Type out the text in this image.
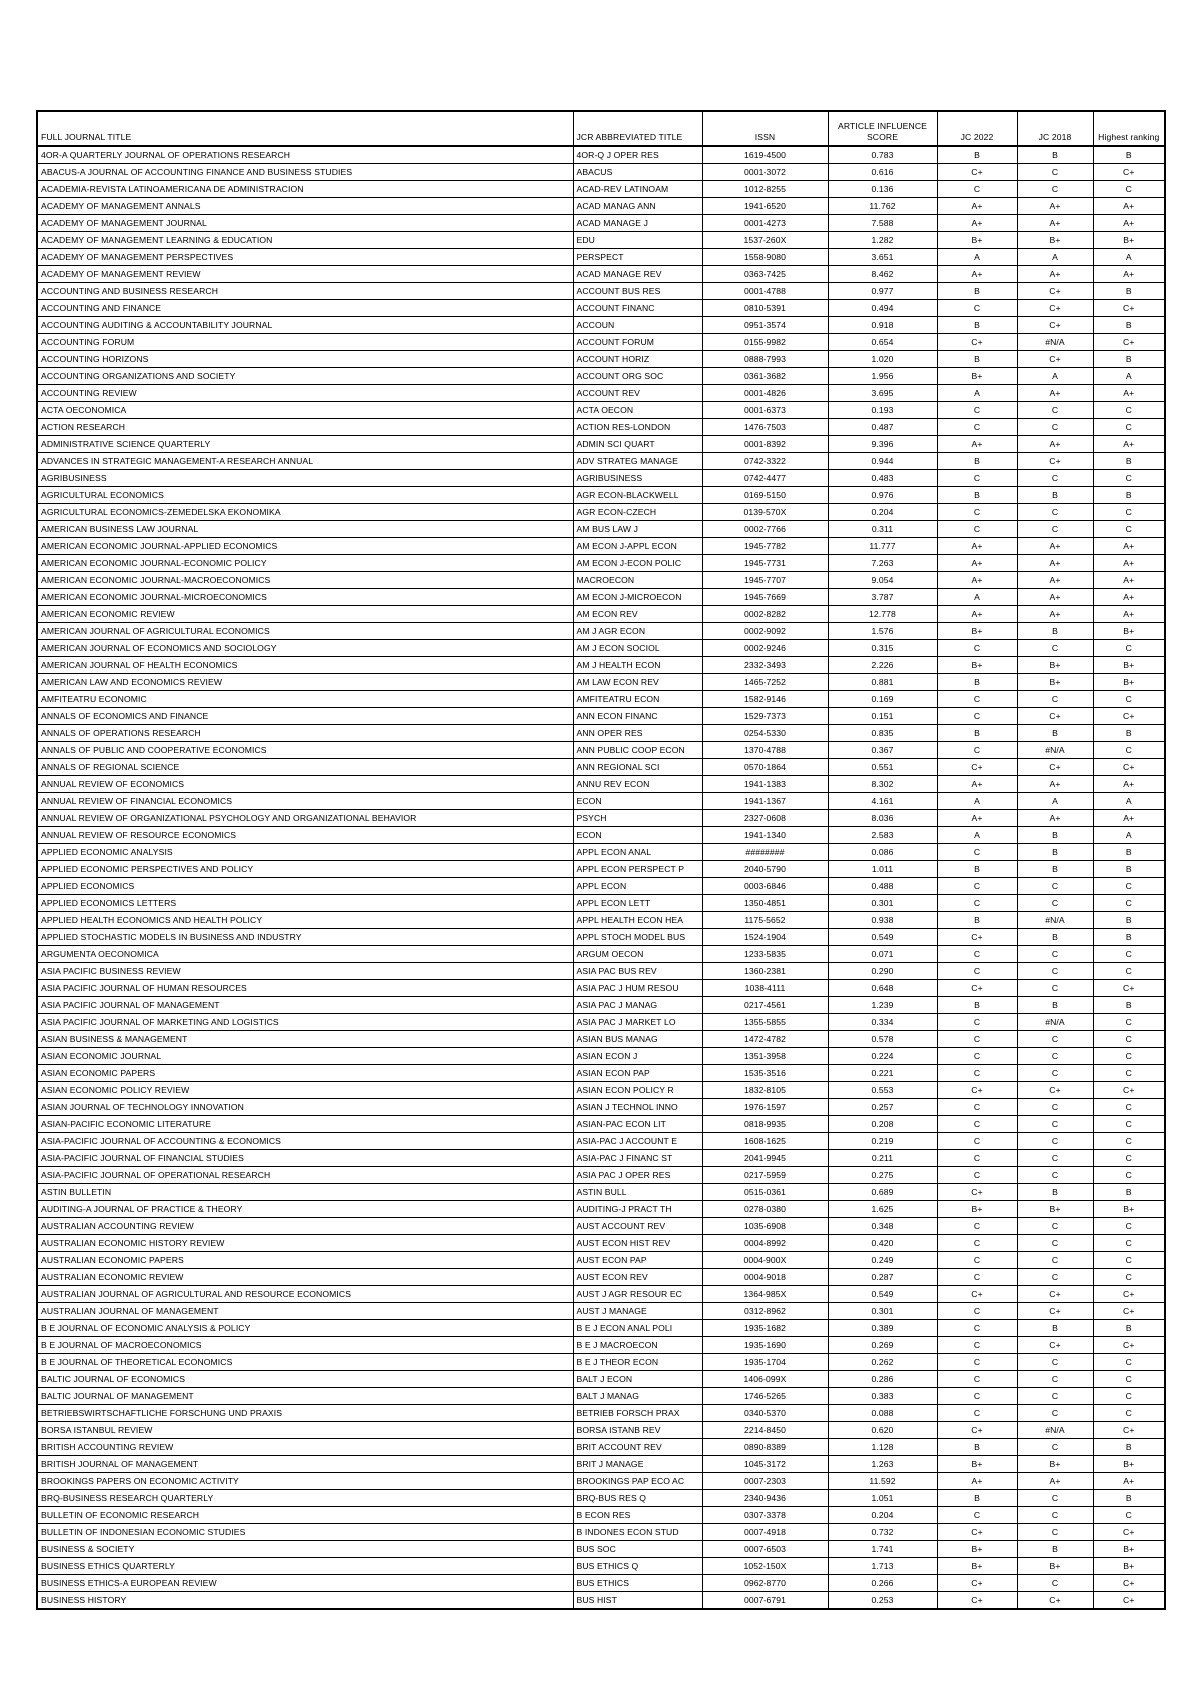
FULL JOURNAL TITLE	JCR ABBREVIATED TITLE	ISSN	ARTICLE INFLUENCE SCORE	JC 2022	JC 2018	Highest ranking
4OR-A QUARTERLY JOURNAL OF OPERATIONS RESEARCH	4OR-Q J OPER RES	1619-4500	0.783	B	B	B
ABACUS-A JOURNAL OF ACCOUNTING FINANCE AND BUSINESS STUDIES	ABACUS	0001-3072	0.616	C+	C	C+
ACADEMIA-REVISTA LATINOAMERICANA DE ADMINISTRACION	ACAD-REV LATINOAM	1012-8255	0.136	C	C	C
ACADEMY OF MANAGEMENT ANNALS	ACAD MANAG ANN	1941-6520	11.762	A+	A+	A+
ACADEMY OF MANAGEMENT JOURNAL	ACAD MANAGE J	0001-4273	7.588	A+	A+	A+
ACADEMY OF MANAGEMENT LEARNING & EDUCATION	EDU	1537-260X	1.282	B+	B+	B+
ACADEMY OF MANAGEMENT PERSPECTIVES	PERSPECT	1558-9080	3.651	A	A	A
ACADEMY OF MANAGEMENT REVIEW	ACAD MANAGE REV	0363-7425	8.462	A+	A+	A+
ACCOUNTING AND BUSINESS RESEARCH	ACCOUNT BUS RES	0001-4788	0.977	B	C+	B
ACCOUNTING AND FINANCE	ACCOUNT FINANC	0810-5391	0.494	C	C+	C+
ACCOUNTING AUDITING & ACCOUNTABILITY JOURNAL	ACCOUN	0951-3574	0.918	B	C+	B
ACCOUNTING FORUM	ACCOUNT FORUM	0155-9982	0.654	C+	#N/A	C+
ACCOUNTING HORIZONS	ACCOUNT HORIZ	0888-7993	1.020	B	C+	B
ACCOUNTING ORGANIZATIONS AND SOCIETY	ACCOUNT ORG SOC	0361-3682	1.956	B+	A	A
ACCOUNTING REVIEW	ACCOUNT REV	0001-4826	3.695	A	A+	A+
ACTA OECONOMICA	ACTA OECON	0001-6373	0.193	C	C	C
ACTION RESEARCH	ACTION RES-LONDON	1476-7503	0.487	C	C	C
ADMINISTRATIVE SCIENCE QUARTERLY	ADMIN SCI QUART	0001-8392	9.396	A+	A+	A+
ADVANCES IN STRATEGIC MANAGEMENT-A RESEARCH ANNUAL	ADV STRATEG MANAGE	0742-3322	0.944	B	C+	B
AGRIBUSINESS	AGRIBUSINESS	0742-4477	0.483	C	C	C
AGRICULTURAL ECONOMICS	AGR ECON-BLACKWELL	0169-5150	0.976	B	B	B
AGRICULTURAL ECONOMICS-ZEMEDELSKA EKONOMIKA	AGR ECON-CZECH	0139-570X	0.204	C	C	C
AMERICAN BUSINESS LAW JOURNAL	AM BUS LAW J	0002-7766	0.311	C	C	C
AMERICAN ECONOMIC JOURNAL-APPLIED ECONOMICS	AM ECON J-APPL ECON	1945-7782	11.777	A+	A+	A+
AMERICAN ECONOMIC JOURNAL-ECONOMIC POLICY	AM ECON J-ECON POLIC	1945-7731	7.263	A+	A+	A+
AMERICAN ECONOMIC JOURNAL-MACROECONOMICS	MACROECON	1945-7707	9.054	A+	A+	A+
AMERICAN ECONOMIC JOURNAL-MICROECONOMICS	AM ECON J-MICROECON	1945-7669	3.787	A	A+	A+
AMERICAN ECONOMIC REVIEW	AM ECON REV	0002-8282	12.778	A+	A+	A+
AMERICAN JOURNAL OF AGRICULTURAL ECONOMICS	AM J AGR ECON	0002-9092	1.576	B+	B	B+
AMERICAN JOURNAL OF ECONOMICS AND SOCIOLOGY	AM J ECON SOCIOL	0002-9246	0.315	C	C	C
AMERICAN JOURNAL OF HEALTH ECONOMICS	AM J HEALTH ECON	2332-3493	2.226	B+	B+	B+
AMERICAN LAW AND ECONOMICS REVIEW	AM LAW ECON REV	1465-7252	0.881	B	B+	B+
AMFITEATRU ECONOMIC	AMFITEATRU ECON	1582-9146	0.169	C	C	C
ANNALS OF ECONOMICS AND FINANCE	ANN ECON FINANC	1529-7373	0.151	C	C+	C+
ANNALS OF OPERATIONS RESEARCH	ANN OPER RES	0254-5330	0.835	B	B	B
ANNALS OF PUBLIC AND COOPERATIVE ECONOMICS	ANN PUBLIC COOP ECON	1370-4788	0.367	C	#N/A	C
ANNALS OF REGIONAL SCIENCE	ANN REGIONAL SCI	0570-1864	0.551	C+	C+	C+
ANNUAL REVIEW OF ECONOMICS	ANNU REV ECON	1941-1383	8.302	A+	A+	A+
ANNUAL REVIEW OF FINANCIAL ECONOMICS	ECON	1941-1367	4.161	A	A	A
ANNUAL REVIEW OF ORGANIZATIONAL PSYCHOLOGY AND ORGANIZATIONAL BEHAVIOR	PSYCH	2327-0608	8.036	A+	A+	A+
ANNUAL REVIEW OF RESOURCE ECONOMICS	ECON	1941-1340	2.583	A	B	A
APPLIED ECONOMIC ANALYSIS	APPL ECON ANAL	########	0.086	C	B	B
APPLIED ECONOMIC PERSPECTIVES AND POLICY	APPL ECON PERSPECT P	2040-5790	1.011	B	B	B
APPLIED ECONOMICS	APPL ECON	0003-6846	0.488	C	C	C
APPLIED ECONOMICS LETTERS	APPL ECON LETT	1350-4851	0.301	C	C	C
APPLIED HEALTH ECONOMICS AND HEALTH POLICY	APPL HEALTH ECON HEA	1175-5652	0.938	B	#N/A	B
APPLIED STOCHASTIC MODELS IN BUSINESS AND INDUSTRY	APPL STOCH MODEL BUS	1524-1904	0.549	C+	B	B
ARGUMENTA OECONOMICA	ARGUM OECON	1233-5835	0.071	C	C	C
ASIA PACIFIC BUSINESS REVIEW	ASIA PAC BUS REV	1360-2381	0.290	C	C	C
ASIA PACIFIC JOURNAL OF HUMAN RESOURCES	ASIA PAC J HUM RESOU	1038-4111	0.648	C+	C	C+
ASIA PACIFIC JOURNAL OF MANAGEMENT	ASIA PAC J MANAG	0217-4561	1.239	B	B	B
ASIA PACIFIC JOURNAL OF MARKETING AND LOGISTICS	ASIA PAC J MARKET LO	1355-5855	0.334	C	#N/A	C
ASIAN BUSINESS & MANAGEMENT	ASIAN BUS MANAG	1472-4782	0.578	C	C	C
ASIAN ECONOMIC JOURNAL	ASIAN ECON J	1351-3958	0.224	C	C	C
ASIAN ECONOMIC PAPERS	ASIAN ECON PAP	1535-3516	0.221	C	C	C
ASIAN ECONOMIC POLICY REVIEW	ASIAN ECON POLICY R	1832-8105	0.553	C+	C+	C+
ASIAN JOURNAL OF TECHNOLOGY INNOVATION	ASIAN J TECHNOL INNO	1976-1597	0.257	C	C	C
ASIAN-PACIFIC ECONOMIC LITERATURE	ASIAN-PAC ECON LIT	0818-9935	0.208	C	C	C
ASIA-PACIFIC JOURNAL OF ACCOUNTING & ECONOMICS	ASIA-PAC J ACCOUNT E	1608-1625	0.219	C	C	C
ASIA-PACIFIC JOURNAL OF FINANCIAL STUDIES	ASIA-PAC J FINANC ST	2041-9945	0.211	C	C	C
ASIA-PACIFIC JOURNAL OF OPERATIONAL RESEARCH	ASIA PAC J OPER RES	0217-5959	0.275	C	C	C
ASTIN BULLETIN	ASTIN BULL	0515-0361	0.689	C+	B	B
AUDITING-A JOURNAL OF PRACTICE & THEORY	AUDITING-J PRACT TH	0278-0380	1.625	B+	B+	B+
AUSTRALIAN ACCOUNTING REVIEW	AUST ACCOUNT REV	1035-6908	0.348	C	C	C
AUSTRALIAN ECONOMIC HISTORY REVIEW	AUST ECON HIST REV	0004-8992	0.420	C	C	C
AUSTRALIAN ECONOMIC PAPERS	AUST ECON PAP	0004-900X	0.249	C	C	C
AUSTRALIAN ECONOMIC REVIEW	AUST ECON REV	0004-9018	0.287	C	C	C
AUSTRALIAN JOURNAL OF AGRICULTURAL AND RESOURCE ECONOMICS	AUST J AGR RESOUR EC	1364-985X	0.549	C+	C+	C+
AUSTRALIAN JOURNAL OF MANAGEMENT	AUST J MANAGE	0312-8962	0.301	C	C+	C+
B E JOURNAL OF ECONOMIC ANALYSIS & POLICY	B E J ECON ANAL POLI	1935-1682	0.389	C	B	B
B E JOURNAL OF MACROECONOMICS	B E J MACROECON	1935-1690	0.269	C	C+	C+
B E JOURNAL OF THEORETICAL ECONOMICS	B E J THEOR ECON	1935-1704	0.262	C	C	C
BALTIC JOURNAL OF ECONOMICS	BALT J ECON	1406-099X	0.286	C	C	C
BALTIC JOURNAL OF MANAGEMENT	BALT J MANAG	1746-5265	0.383	C	C	C
BETRIEBSWIRTSCHAFTLICHE FORSCHUNG UND PRAXIS	BETRIEB FORSCH PRAX	0340-5370	0.088	C	C	C
BORSA ISTANBUL REVIEW	BORSA ISTANB REV	2214-8450	0.620	C+	#N/A	C+
BRITISH ACCOUNTING REVIEW	BRIT ACCOUNT REV	0890-8389	1.128	B	C	B
BRITISH JOURNAL OF MANAGEMENT	BRIT J MANAGE	1045-3172	1.263	B+	B+	B+
BROOKINGS PAPERS ON ECONOMIC ACTIVITY	BROOKINGS PAP ECO AC	0007-2303	11.592	A+	A+	A+
BRQ-BUSINESS RESEARCH QUARTERLY	BRQ-BUS RES Q	2340-9436	1.051	B	C	B
BULLETIN OF ECONOMIC RESEARCH	B ECON RES	0307-3378	0.204	C	C	C
BULLETIN OF INDONESIAN ECONOMIC STUDIES	B INDONES ECON STUD	0007-4918	0.732	C+	C	C+
BUSINESS & SOCIETY	BUS SOC	0007-6503	1.741	B+	B	B+
BUSINESS ETHICS QUARTERLY	BUS ETHICS Q	1052-150X	1.713	B+	B+	B+
BUSINESS ETHICS-A EUROPEAN REVIEW	BUS ETHICS	0962-8770	0.266	C+	C	C+
BUSINESS HISTORY	BUS HIST	0007-6791	0.253	C+	C+	C+
